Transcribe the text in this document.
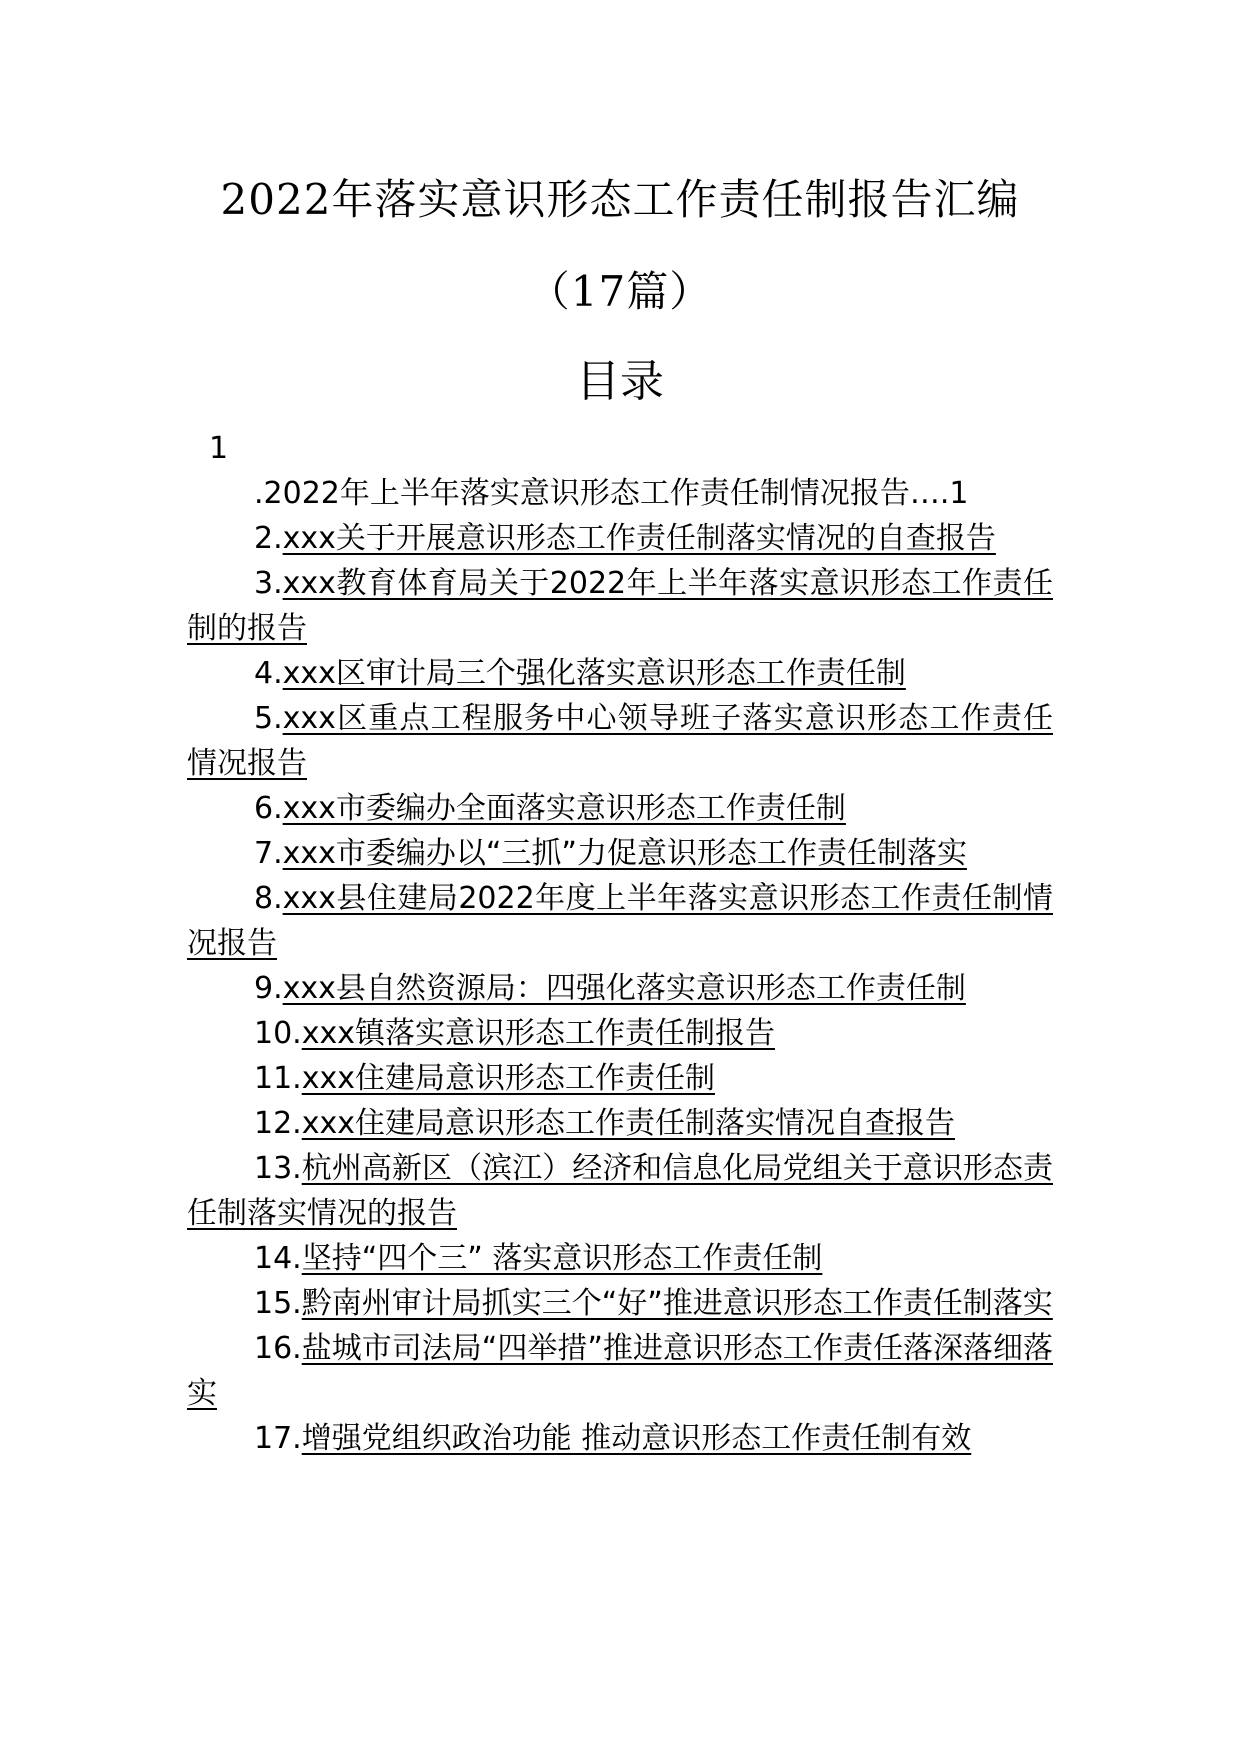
2022年落实意识形态工作责任制报告汇编
（17篇）
目录
1

.2022年上半年落实意识形态工作责任制情况报告….1

2.xxx关于开展意识形态工作责任制落实情况的自查报告

3.xxx教育体育局关于2022年上半年落实意识形态工作责任制的报告

4.xxx区审计局三个强化落实意识形态工作责任制

5.xxx区重点工程服务中心领导班子落实意识形态工作责任情况报告

6.xxx市委编办全面落实意识形态工作责任制

7.xxx市委编办以“三抓”力促意识形态工作责任制落实

8.xxx县住建局2022年度上半年落实意识形态工作责任制情况报告

9.xxx县自然资源局：四强化落实意识形态工作责任制

10.xxx镇落实意识形态工作责任制报告

11.xxx住建局意识形态工作责任制

12.xxx住建局意识形态工作责任制落实情况自查报告

13.杭州高新区（滨江）经济和信息化局党组关于意识形态责任制落实情况的报告

14.坚持“四个三” 落实意识形态工作责任制

15.黔南州审计局抓实三个“好”推进意识形态工作责任制落实

16.盐城市司法局“四举措”推进意识形态工作责任落深落细落实

17.增强党组织政治功能 推动意识形态工作责任制有效
